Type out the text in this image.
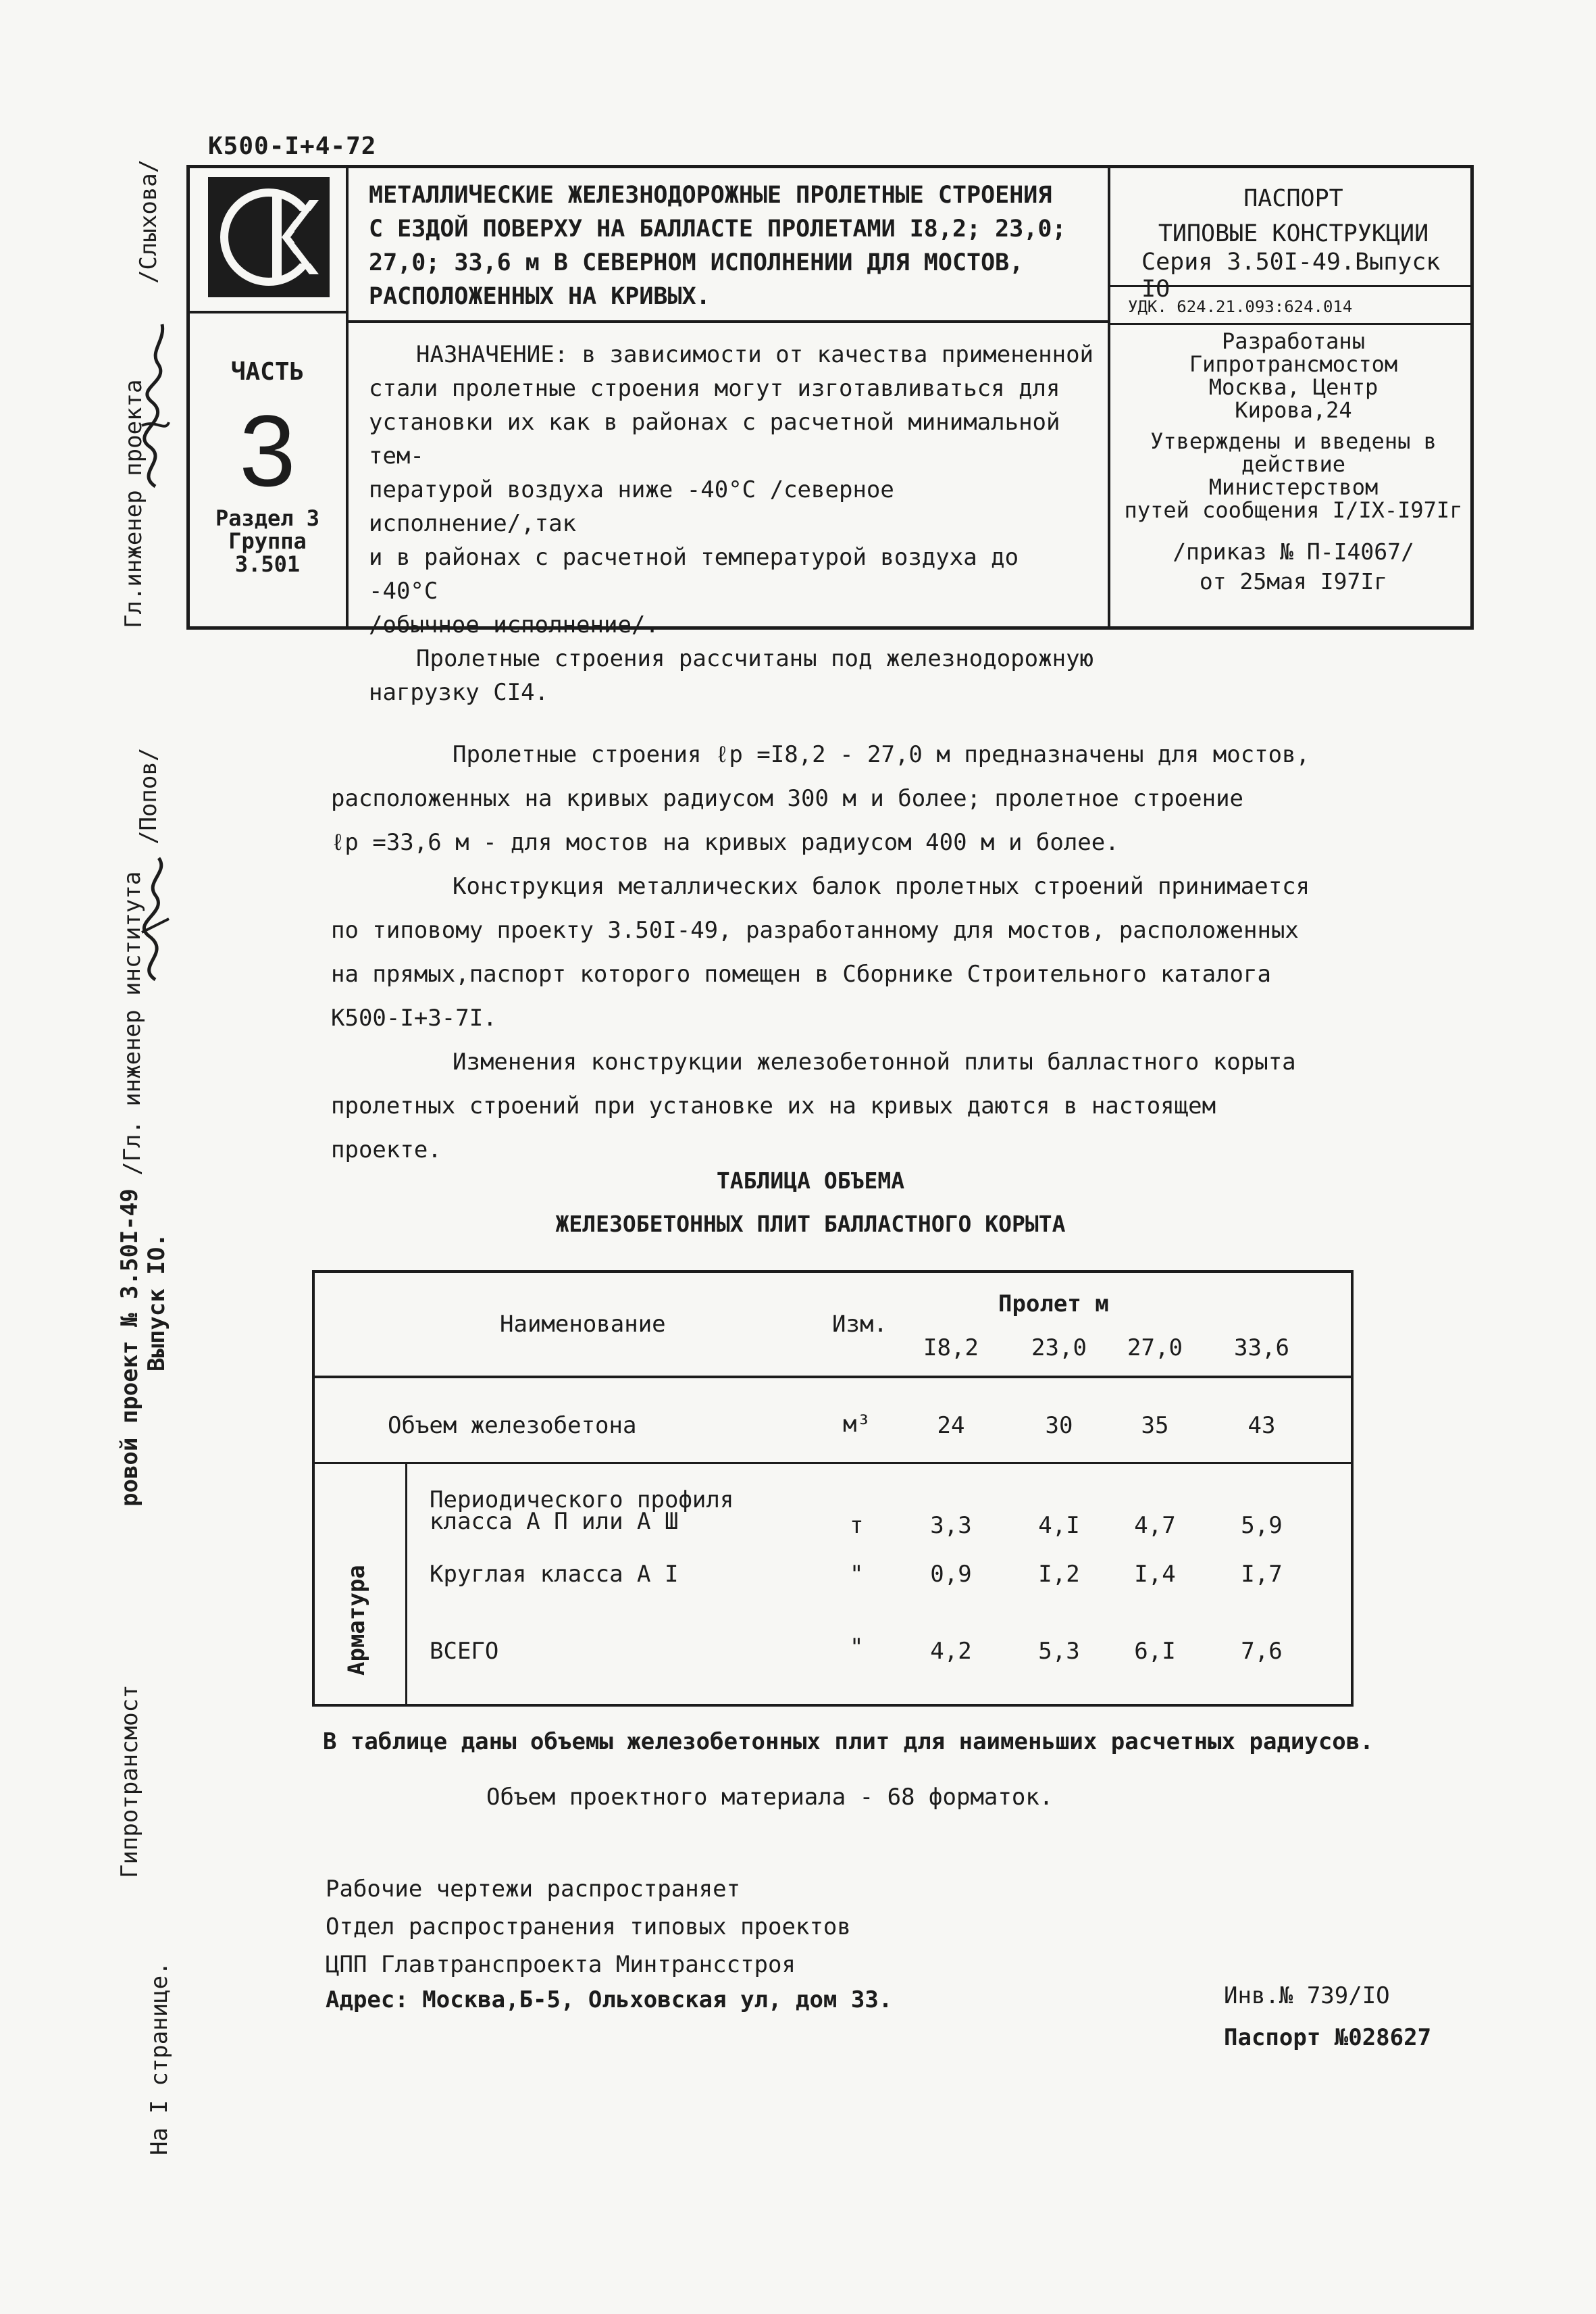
К500-I+4-72
ЧАСТЬ
3
Раздел 3
Группа
3.501
МЕТАЛЛИЧЕСКИЕ ЖЕЛЕЗНОДОРОЖНЫЕ ПРОЛЕТНЫЕ СТРОЕНИЯ
С ЕЗДОЙ ПОВЕРХУ НА БАЛЛАСТЕ ПРОЛЕТАМИ I8,2; 23,0;
27,0; 33,6 м В СЕВЕРНОМ ИСПОЛНЕНИИ ДЛЯ МОСТОВ,
РАСПОЛОЖЕННЫХ НА КРИВЫХ.

НАЗНАЧЕНИЕ: в зависимости от качества примененной

стали пролетные строения могут изготавливаться для

установки их как в районах с расчетной минимальной тем-

пературой воздуха ниже -40°С /северное исполнение/,так

и в районах с расчетной температурой воздуха до -40°С

/обычное исполнение/.

Пролетные строения рассчитаны под железнодорожную

нагрузку СI4.

ПАСПОРТ
ТИПОВЫЕ КОНСТРУКЦИИ
Серия 3.50I-49.Выпуск IO
УДК. 624.21.093:624.014
Разработаны
Гипротрансмостом
Москва, Центр
Кирова,24
Утверждены и введены в
действие
Министерством
путей сообщения I/IX-I97Iг
/приказ № П-I4067/
от 25мая I97Iг
Гл.инженер проекта
/Слыхова/
/Гл. инженер института
/Попов/
ровой проект № 3.50I-49 Выпуск IO.
Гипротрансмост
На I странице.

Пролетные строения ℓр =I8,2 - 27,0 м предназначены для мостов,

расположенных на кривых радиусом 300 м и более; пролетное строение

ℓр =33,6 м - для мостов на кривых радиусом 400 м и более.

Конструкция металлических балок пролетных строений принимается

по типовому проекту 3.50I-49, разработанному для мостов, расположенных

на прямых,паспорт которого помещен в Сборнике Строительного каталога К500-I+3-7I.

Изменения конструкции железобетонной плиты балластного корыта

пролетных строений при установке их на кривых даются в настоящем проекте.

ТАБЛИЦА ОБЪЕМА
ЖЕЛЕЗОБЕТОННЫХ ПЛИТ БАЛЛАСТНОГО КОРЫТА
Наименование	Изм.
Пролет м
I8,2	23,0	27,0	33,6
Объем железобетона	м³	24	30	35	43
Арматура
Периодического профиля
класса А П или А Ш	т	3,3	4,I	4,7	5,9
Круглая класса А I	"	0,9	I,2	I,4	I,7
ВСЕГО	"	4,2	5,3	6,I	7,6
В таблице даны объемы железобетонных плит для наименьших расчетных радиусов.
Объем проектного материала - 68 форматок.
Рабочие чертежи распространяет
Отдел распространения типовых проектов
ЦПП Главтранспроекта Минтрансстроя
Адрес: Москва,Б-5, Ольховская ул, дом 33.	Инв.№ 739/IO
Паспорт №028627
